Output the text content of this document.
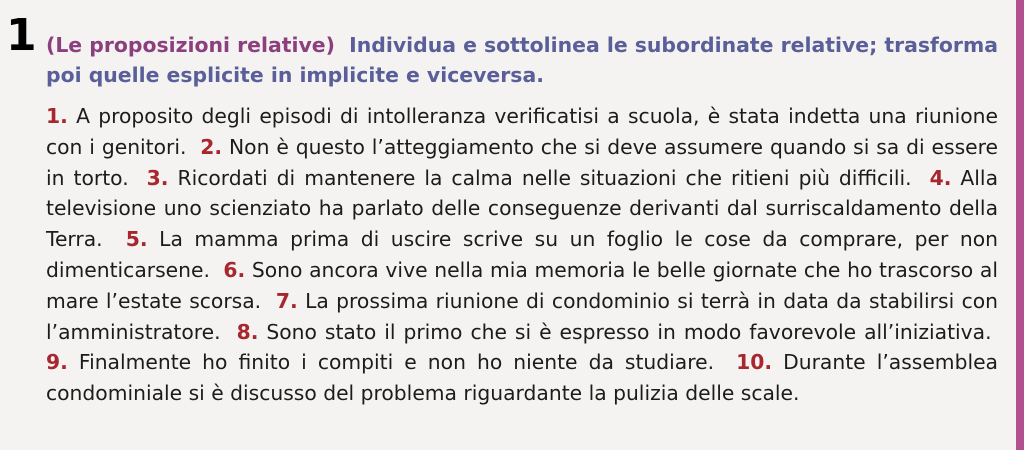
1 (Le proposizioni relative) Individua e sottolinea le subordinate relative; trasforma poi quelle esplicite in implicite e viceversa.
1. A proposito degli episodi di intolleranza verificatisi a scuola, è stata indetta una riunione con i genitori. 2. Non è questo l’atteggiamento che si deve assumere quando si sa di essere in torto. 3. Ricordati di mantenere la calma nelle situazioni che ritieni più difficili. 4. Alla televisione uno scienziato ha parlato delle conseguenze derivanti dal surriscaldamento della Terra. 5. La mamma prima di uscire scrive su un foglio le cose da comprare, per non dimenticarsene. 6. Sono ancora vive nella mia memoria le belle giornate che ho trascorso al mare l’estate scorsa. 7. La prossima riunione di condominio si terrà in data da stabilirsi con l’amministratore. 8. Sono stato il primo che si è espresso in modo favorevole all’iniziativa.  9. Finalmente ho finito i compiti e non ho niente da studiare. 10. Durante l’assemblea condominiale si è discusso del problema riguardante la pulizia delle scale.
